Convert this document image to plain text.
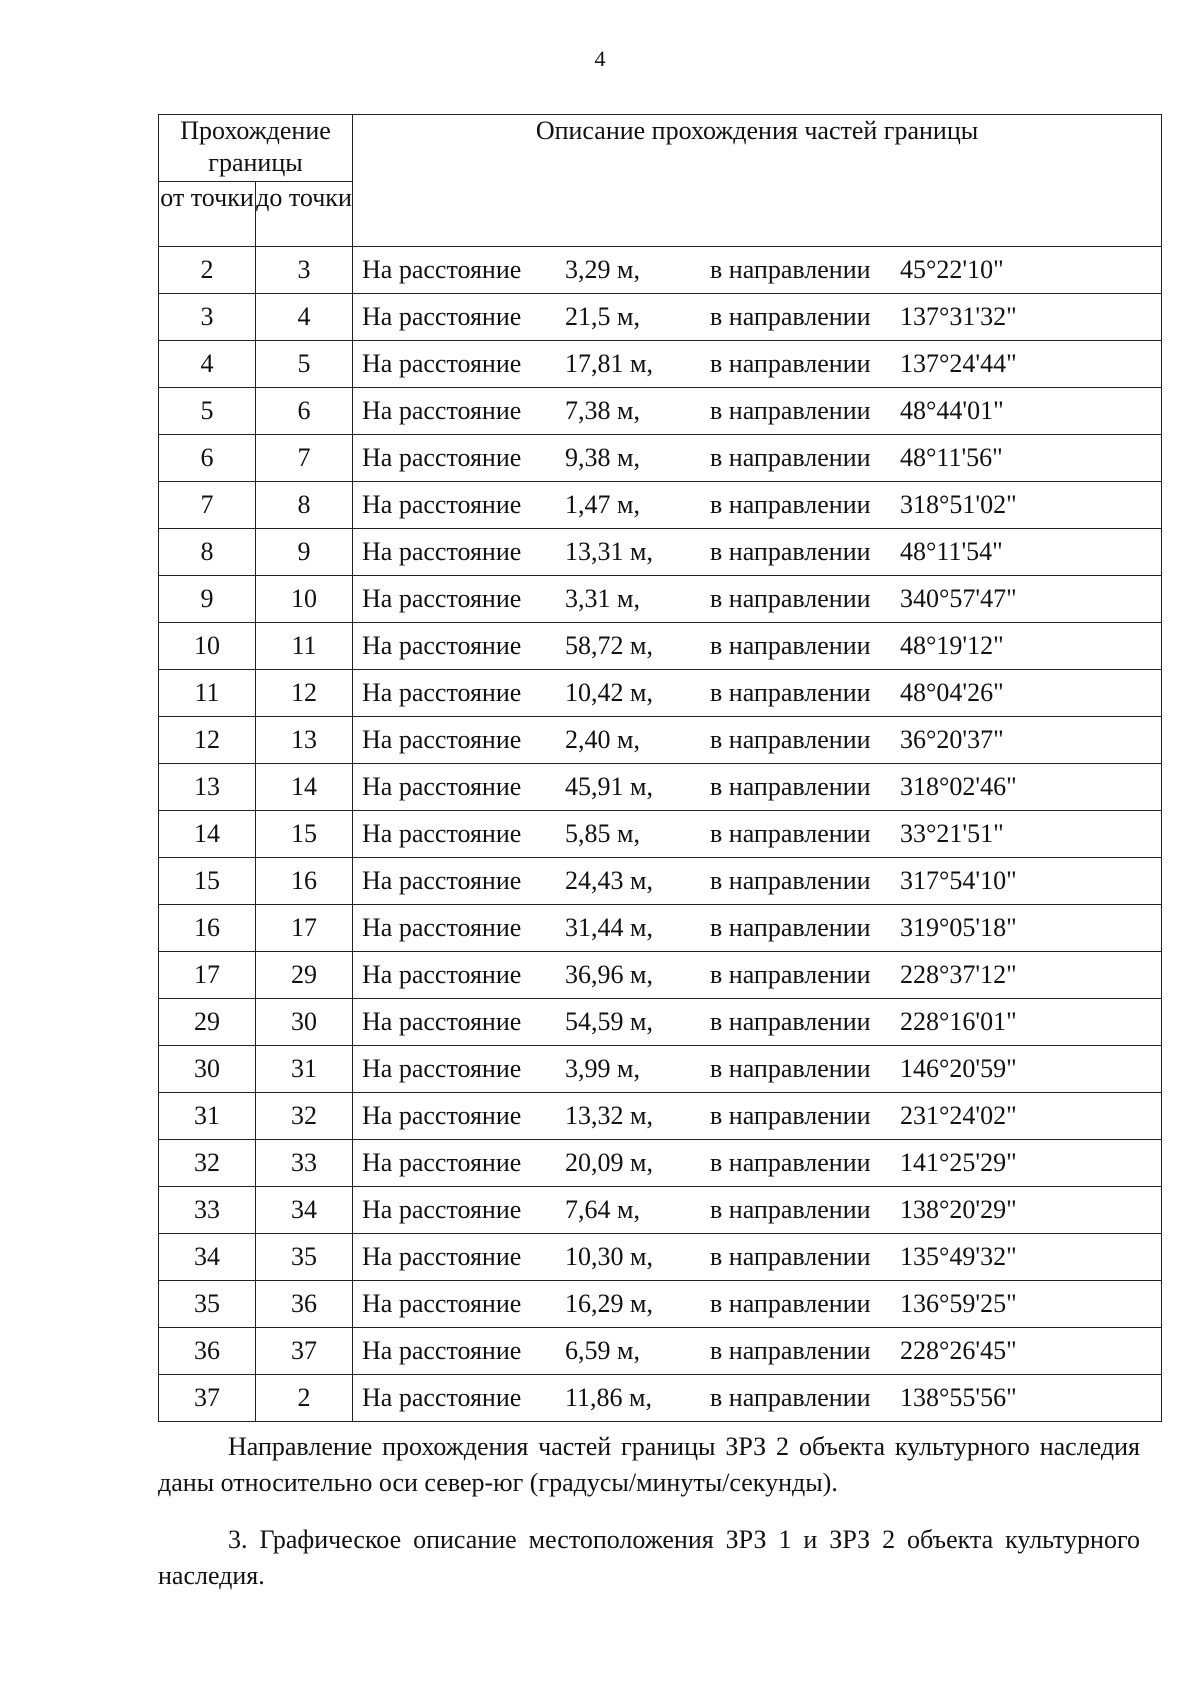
4
Прохождение границы		Описание прохождения частей границы
от точки	до точки	
2	3	На расстояние 3,29 м, в направлении 45°22'10"

3	4	На расстояние 21,5 м, в направлении 137°31'32"

4	5	На расстояние 17,81 м, в направлении 137°24'44"

5	6	На расстояние 7,38 м, в направлении 48°44'01"

6	7	На расстояние 9,38 м, в направлении 48°11'56"

7	8	На расстояние 1,47 м, в направлении 318°51'02"

8	9	На расстояние 13,31 м, в направлении 48°11'54"

9	10	На расстояние 3,31 м, в направлении 340°57'47"

10	11	На расстояние 58,72 м, в направлении 48°19'12"

11	12	На расстояние 10,42 м, в направлении 48°04'26"

12	13	На расстояние 2,40 м, в направлении 36°20'37"

13	14	На расстояние 45,91 м, в направлении 318°02'46"

14	15	На расстояние 5,85 м, в направлении 33°21'51"

15	16	На расстояние 24,43 м, в направлении 317°54'10"

16	17	На расстояние 31,44 м, в направлении 319°05'18"

17	29	На расстояние 36,96 м, в направлении 228°37'12"

29	30	На расстояние 54,59 м, в направлении 228°16'01"

30	31	На расстояние 3,99 м, в направлении 146°20'59"

31	32	На расстояние 13,32 м, в направлении 231°24'02"

32	33	На расстояние 20,09 м, в направлении 141°25'29"

33	34	На расстояние 7,64 м, в направлении 138°20'29"

34	35	На расстояние 10,30 м, в направлении 135°49'32"

35	36	На расстояние 16,29 м, в направлении 136°59'25"

36	37	На расстояние 6,59 м, в направлении 228°26'45"

37	2	На расстояние 11,86 м, в направлении 138°55'56"

Направление прохождения частей границы ЗРЗ 2 объекта культурного наследия даны относительно оси север-юг (градусы/минуты/секунды).

3. Графическое описание местоположения ЗРЗ 1 и ЗРЗ 2 объекта культурного наследия.
